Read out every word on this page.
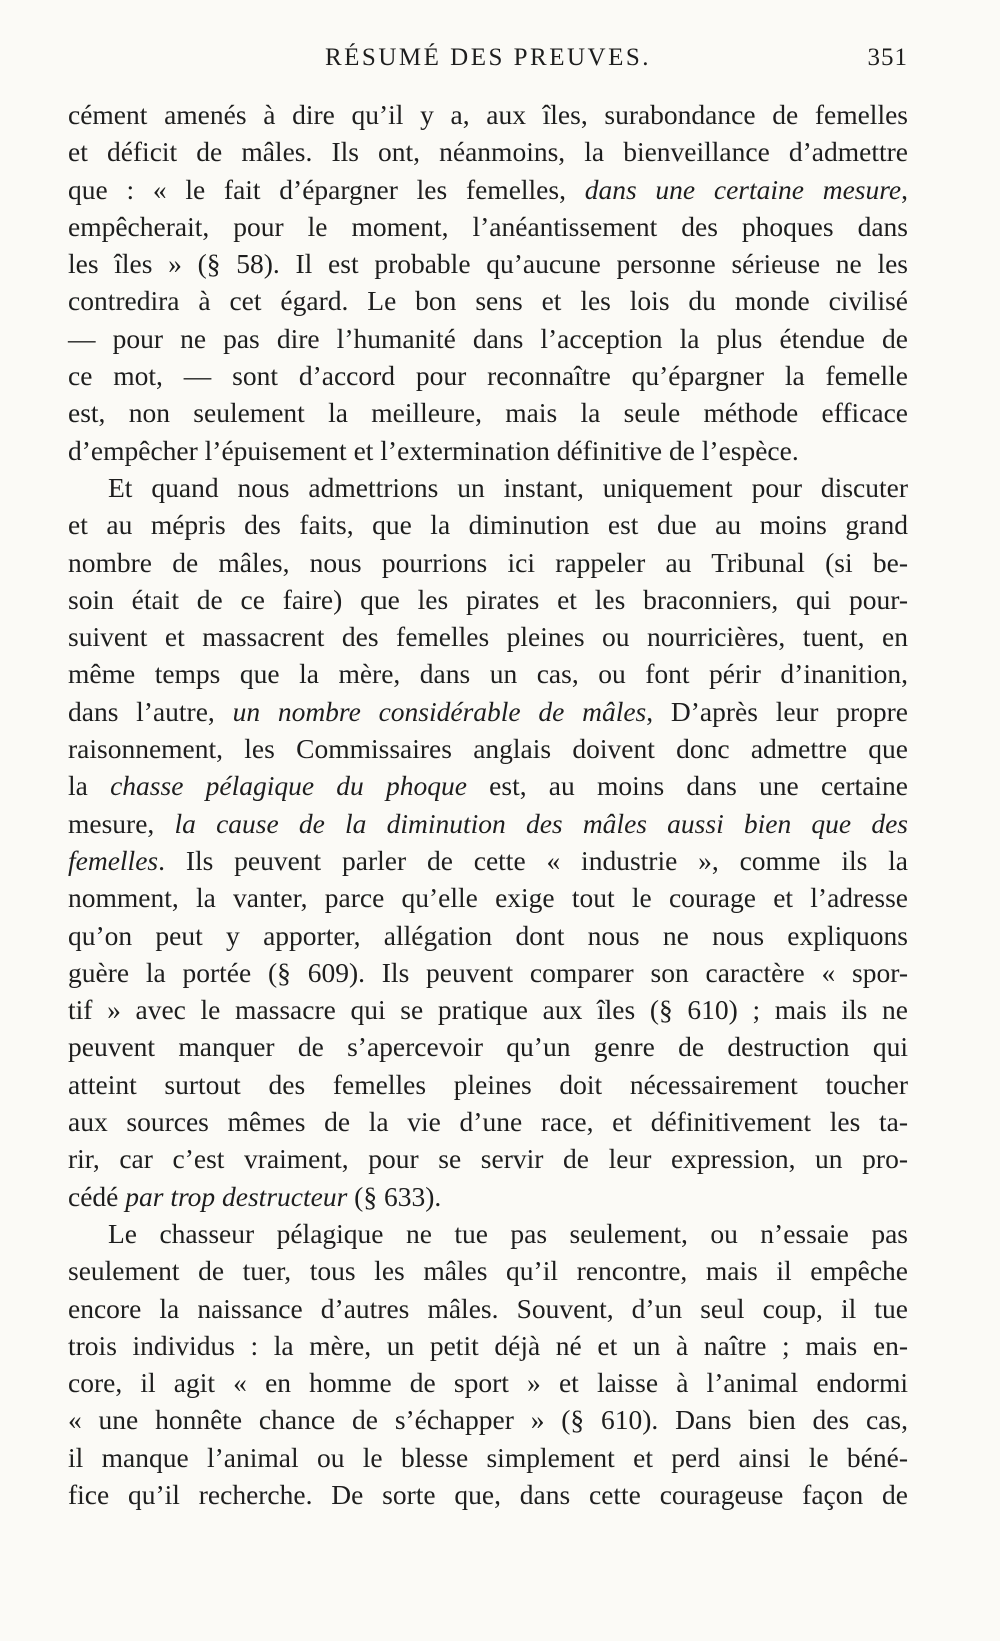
RÉSUMÉ DES PREUVES.	351
cément amenés à dire qu’il y a, aux îles, surabondance de femelles
et déficit de mâles. Ils ont, néanmoins, la bienveillance d’admettre
que : « le fait d’épargner les femelles, dans une certaine mesure,
empêcherait, pour le moment, l’anéantissement des phoques dans
les îles » (§ 58). Il est probable qu’aucune personne sérieuse ne les
contredira à cet égard. Le bon sens et les lois du monde civilisé
— pour ne pas dire l’humanité dans l’acception la plus étendue de
ce mot, — sont d’accord pour reconnaître qu’épargner la femelle
est, non seulement la meilleure, mais la seule méthode efficace
d’empêcher l’épuisement et l’extermination définitive de l’espèce.
Et quand nous admettrions un instant, uniquement pour discuter
et au mépris des faits, que la diminution est due au moins grand
nombre de mâles, nous pourrions ici rappeler au Tribunal (si be-
soin était de ce faire) que les pirates et les braconniers, qui pour-
suivent et massacrent des femelles pleines ou nourricières, tuent, en
même temps que la mère, dans un cas, ou font périr d’inanition,
dans l’autre, un nombre considérable de mâles, D’après leur propre
raisonnement, les Commissaires anglais doivent donc admettre que
la chasse pélagique du phoque est, au moins dans une certaine
mesure, la cause de la diminution des mâles aussi bien que des
femelles. Ils peuvent parler de cette « industrie », comme ils la
nomment, la vanter, parce qu’elle exige tout le courage et l’adresse
qu’on peut y apporter, allégation dont nous ne nous expliquons
guère la portée (§ 609). Ils peuvent comparer son caractère « spor-
tif » avec le massacre qui se pratique aux îles (§ 610) ; mais ils ne
peuvent manquer de s’apercevoir qu’un genre de destruction qui
atteint surtout des femelles pleines doit nécessairement toucher
aux sources mêmes de la vie d’une race, et définitivement les ta-
rir, car c’est vraiment, pour se servir de leur expression, un pro-
cédé par trop destructeur (§ 633).
Le chasseur pélagique ne tue pas seulement, ou n’essaie pas
seulement de tuer, tous les mâles qu’il rencontre, mais il empêche
encore la naissance d’autres mâles. Souvent, d’un seul coup, il tue
trois individus : la mère, un petit déjà né et un à naître ; mais en-
core, il agit « en homme de sport » et laisse à l’animal endormi
« une honnête chance de s’échapper » (§ 610). Dans bien des cas,
il manque l’animal ou le blesse simplement et perd ainsi le béné-
fice qu’il recherche. De sorte que, dans cette courageuse façon de
